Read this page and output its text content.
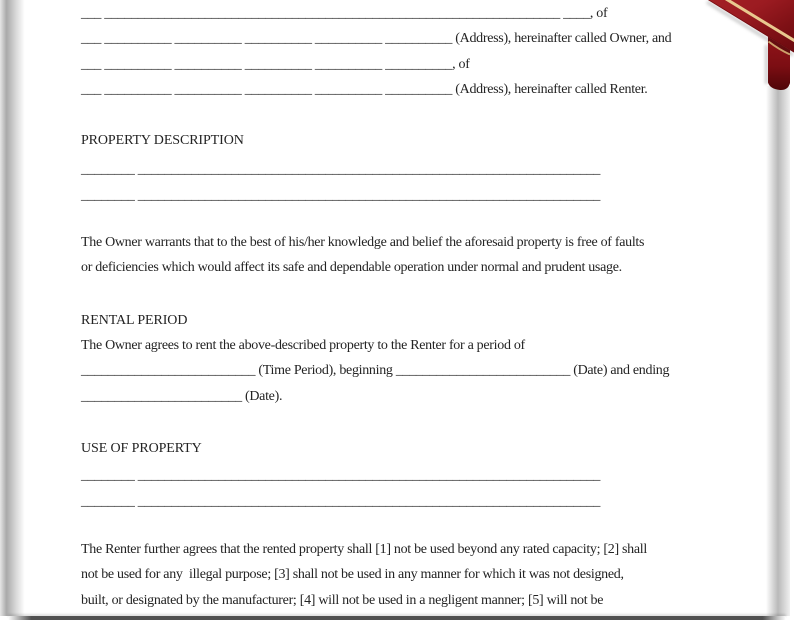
___ ____________________________________________________________________ ____, of
___ __________ __________ __________ __________ __________ (Address), hereinafter called Owner, and
___ __________ __________ __________ __________ __________, of
___ __________ __________ __________ __________ __________ (Address), hereinafter called Renter.
PROPERTY DESCRIPTION
________ _____________________________________________________________________
________ _____________________________________________________________________
The Owner warrants that to the best of his/her knowledge and belief the aforesaid property is free of faults
or deficiencies which would affect its safe and dependable operation under normal and prudent usage.
RENTAL PERIOD
The Owner agrees to rent the above-described property to the Renter for a period of
__________________________ (Time Period), beginning __________________________ (Date) and ending
________________________ (Date).
USE OF PROPERTY
________ _____________________________________________________________________
________ _____________________________________________________________________
The Renter further agrees that the rented property shall [1] not be used beyond any rated capacity; [2] shall
not be used for any  illegal purpose; [3] shall not be used in any manner for which it was not designed,
built, or designated by the manufacturer; [4] will not be used in a negligent manner; [5] will not be
